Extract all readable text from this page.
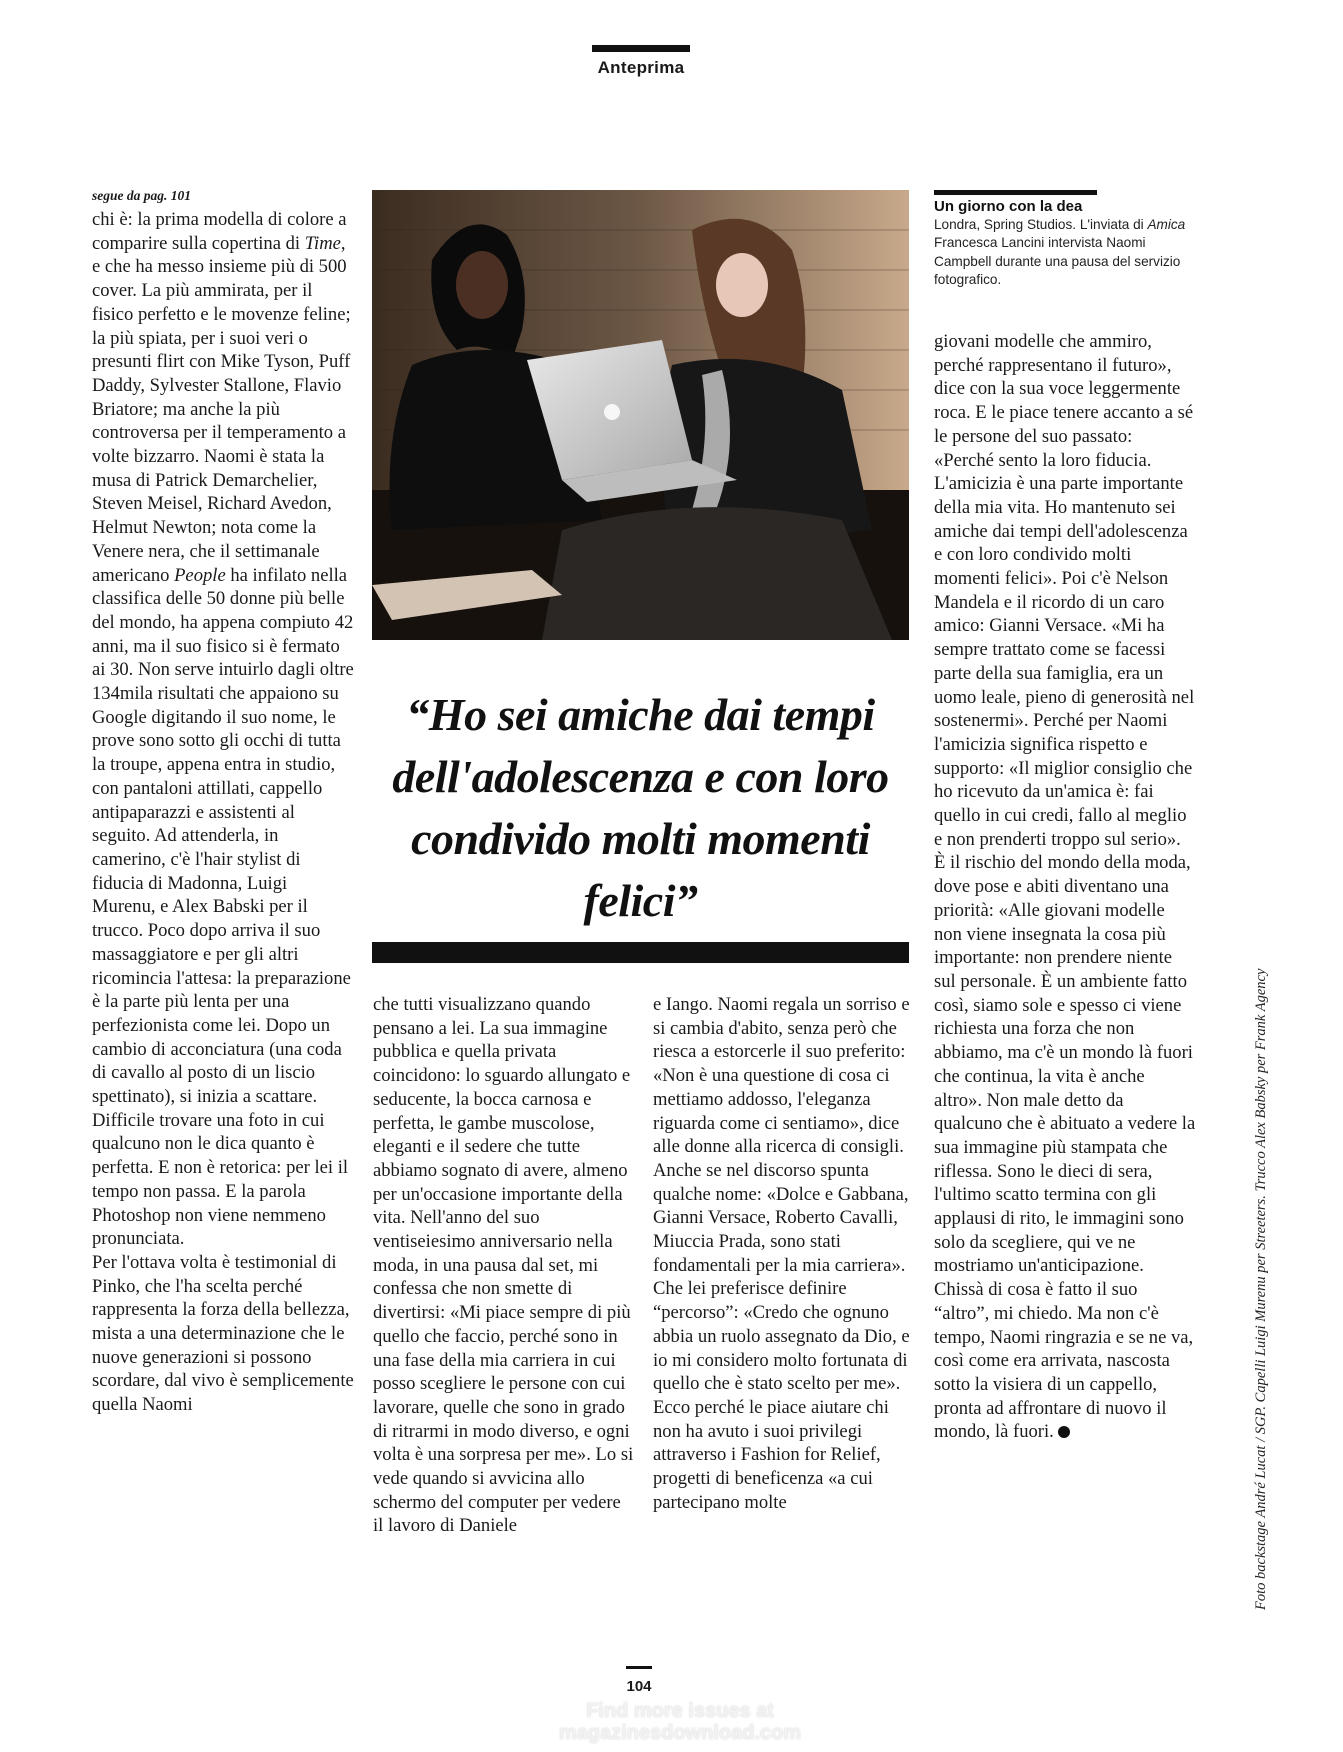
Anteprima
segue da pag. 101

chi è: la prima modella di colore a comparire sulla copertina di Time, e che ha messo insieme più di 500 cover. La più ammirata, per il fisico perfetto e le movenze feline; la più spiata, per i suoi veri o presunti flirt con Mike Tyson, Puff Daddy, Sylvester Stallone, Flavio Briatore; ma anche la più controversa per il temperamento a volte bizzarro. Naomi è stata la musa di Patrick Demarchelier, Steven Meisel, Richard Avedon, Helmut Newton; nota come la Venere nera, che il settimanale americano People ha infilato nella classifica delle 50 donne più belle del mondo, ha appena compiuto 42 anni, ma il suo fisico si è fermato ai 30. Non serve intuirlo dagli oltre 134mila risultati che appaiono su Google digitando il suo nome, le prove sono sotto gli occhi di tutta la troupe, appena entra in studio, con pantaloni attillati, cappello antipaparazzi e assistenti al seguito. Ad attenderla, in camerino, c'è l'hair stylist di fiducia di Madonna, Luigi Murenu, e Alex Babski per il trucco. Poco dopo arriva il suo massaggiatore e per gli altri ricomincia l'attesa: la preparazione è la parte più lenta per una perfezionista come lei. Dopo un cambio di acconciatura (una coda di cavallo al posto di un liscio spettinato), si inizia a scattare. Difficile trovare una foto in cui qualcuno non le dica quanto è perfetta. E non è retorica: per lei il tempo non passa. E la parola Photoshop non viene nemmeno pronunciata.

Per l'ottava volta è testimonial di Pinko, che l'ha scelta perché rappresenta la forza della bellezza, mista a una determinazione che le nuove generazioni si possono scordare, dal vivo è semplicemente quella Naomi

Un giorno con la dea
Londra, Spring Studios. L'inviata di Amica Francesca Lancini intervista Naomi Campbell durante una pausa del servizio fotografico.
“Ho sei amiche dai tempi dell'adolescenza e con loro condivido molti momenti felici”

che tutti visualizzano quando pensano a lei. La sua immagine pubblica e quella privata coincidono: lo sguardo allungato e seducente, la bocca carnosa e perfetta, le gambe muscolose, eleganti e il sedere che tutte abbiamo sognato di avere, almeno per un'occasione importante della vita. Nell'anno del suo ventiseiesimo anniversario nella moda, in una pausa dal set, mi confessa che non smette di divertirsi: «Mi piace sempre di più quello che faccio, perché sono in una fase della mia carriera in cui posso scegliere le persone con cui lavorare, quelle che sono in grado di ritrarmi in modo diverso, e ogni volta è una sorpresa per me». Lo si vede quando si avvicina allo schermo del computer per vedere il lavoro di Daniele

e Iango. Naomi regala un sorriso e si cambia d'abito, senza però che riesca a estorcerle il suo preferito: «Non è una questione di cosa ci mettiamo addosso, l'eleganza riguarda come ci sentiamo», dice alle donne alla ricerca di consigli.

Anche se nel discorso spunta qualche nome: «Dolce e Gabbana, Gianni Versace, Roberto Cavalli, Miuccia Prada, sono stati fondamentali per la mia carriera». Che lei preferisce definire “percorso”: «Credo che ognuno abbia un ruolo assegnato da Dio, e io mi considero molto fortunata di quello che è stato scelto per me». Ecco perché le piace aiutare chi non ha avuto i suoi privilegi attraverso i Fashion for Relief, progetti di beneficenza «a cui partecipano molte

giovani modelle che ammiro, perché rappresentano il futuro», dice con la sua voce leggermente roca. E le piace tenere accanto a sé le persone del suo passato: «Perché sento la loro fiducia. L'amicizia è una parte importante della mia vita. Ho mantenuto sei amiche dai tempi dell'adolescenza e con loro condivido molti momenti felici». Poi c'è Nelson Mandela e il ricordo di un caro amico: Gianni Versace. «Mi ha sempre trattato come se facessi parte della sua famiglia, era un uomo leale, pieno di generosità nel sostenermi». Perché per Naomi l'amicizia significa rispetto e supporto: «Il miglior consiglio che ho ricevuto da un'amica è: fai quello in cui credi, fallo al meglio e non prenderti troppo sul serio». È il rischio del mondo della moda, dove pose e abiti diventano una priorità: «Alle giovani modelle non viene insegnata la cosa più importante: non prendere niente sul personale. È un ambiente fatto così, siamo sole e spesso ci viene richiesta una forza che non abbiamo, ma c'è un mondo là fuori che continua, la vita è anche altro». Non male detto da qualcuno che è abituato a vedere la sua immagine più stampata che riflessa. Sono le dieci di sera, l'ultimo scatto termina con gli applausi di rito, le immagini sono solo da scegliere, qui ve ne mostriamo un'anticipazione. Chissà di cosa è fatto il suo “altro”, mi chiedo. Ma non c'è tempo, Naomi ringrazia e se ne va, così come era arrivata, nascosta sotto la visiera di un cappello, pronta ad affrontare di nuovo il mondo, là fuori.	Foto backstage André Lucat / SGP. Capelli Luigi Murenu per Streeters. Trucco Alex Babsky per Frank Agency
104
Find more issues at
magazinesdownload.com
